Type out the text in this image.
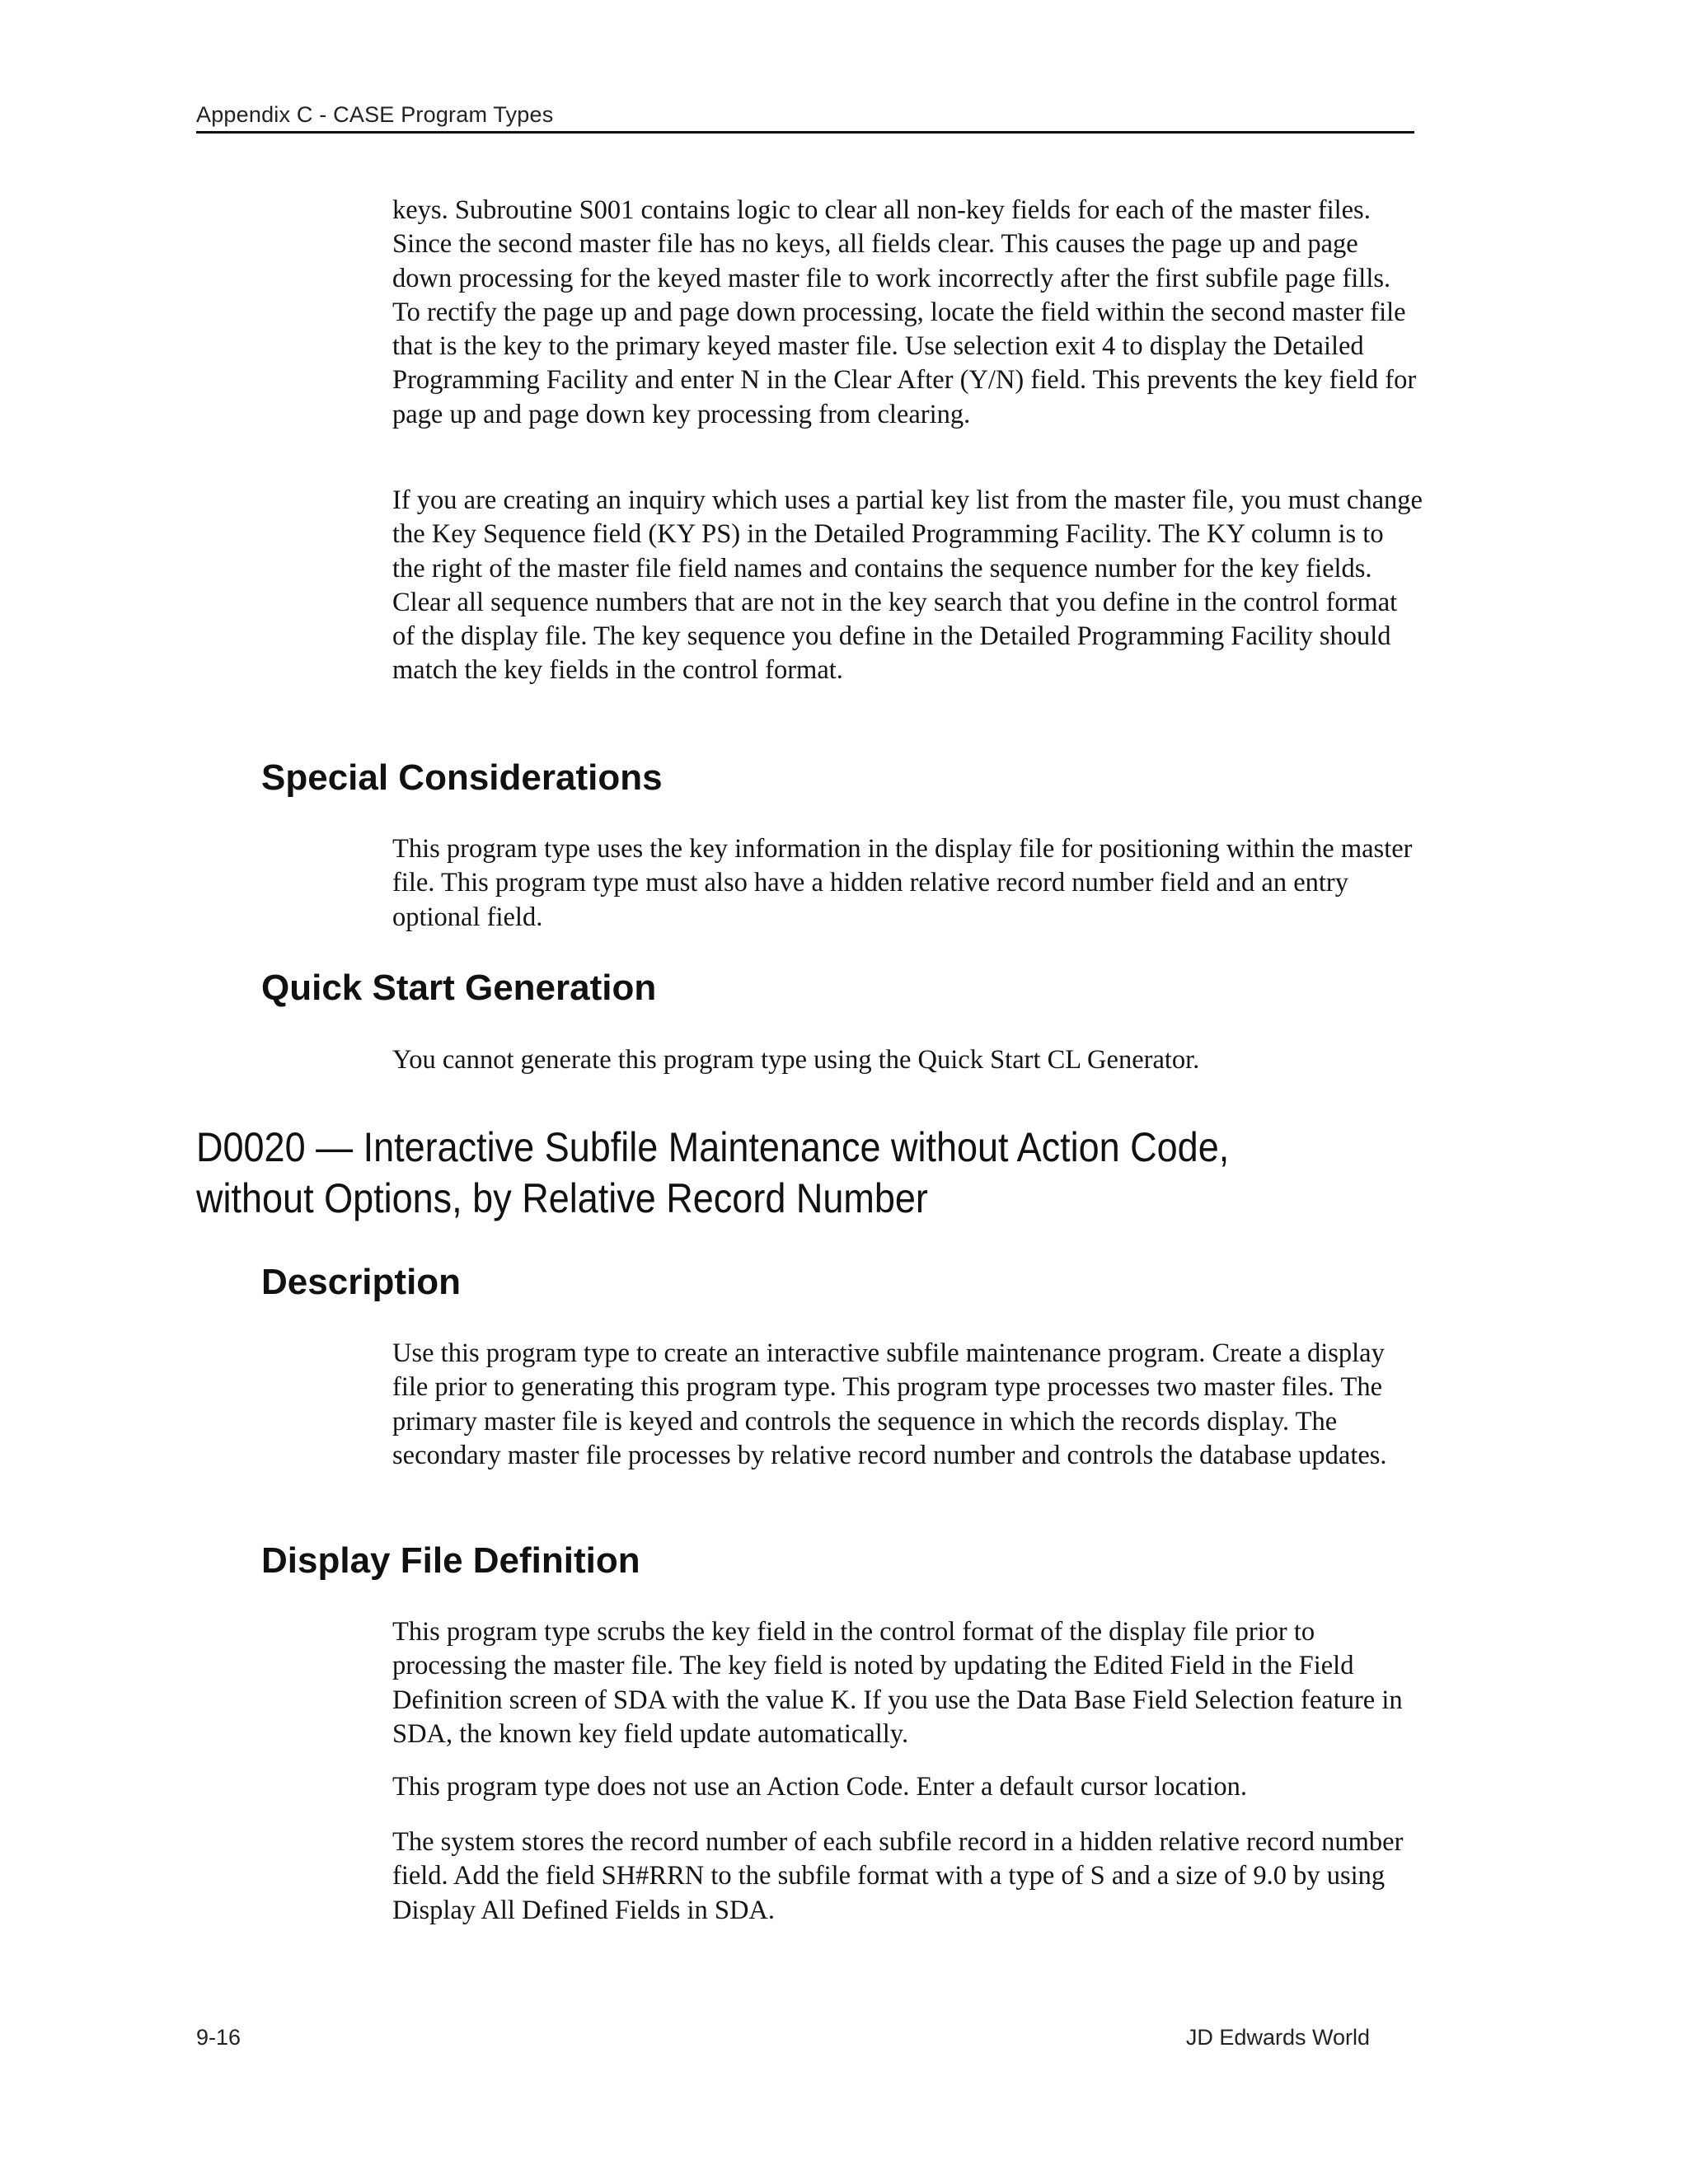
Appendix C - CASE Program Types

keys. Subroutine S001 contains logic to clear all non-key fields for each of the master files. Since the second master file has no keys, all fields clear. This causes the page up and page down processing for the keyed master file to work incorrectly after the first subfile page fills. To rectify the page up and page down processing, locate the field within the second master file that is the key to the primary keyed master file. Use selection exit 4 to display the Detailed Programming Facility and enter N in the Clear After (Y/N) field. This prevents the key field for page up and page down key processing from clearing.

If you are creating an inquiry which uses a partial key list from the master file, you must change the Key Sequence field (KY PS) in the Detailed Programming Facility. The KY column is to the right of the master file field names and contains the sequence number for the key fields. Clear all sequence numbers that are not in the key search that you define in the control format of the display file. The key sequence you define in the Detailed Programming Facility should match the key fields in the control format.

Special Considerations

This program type uses the key information in the display file for positioning within the master file. This program type must also have a hidden relative record number field and an entry optional field.

Quick Start Generation

You cannot generate this program type using the Quick Start CL Generator.

D0020 — Interactive Subfile Maintenance without Action Code, without Options, by Relative Record Number
Description

Use this program type to create an interactive subfile maintenance program. Create a display file prior to generating this program type. This program type processes two master files. The primary master file is keyed and controls the sequence in which the records display. The secondary master file processes by relative record number and controls the database updates.

Display File Definition

This program type scrubs the key field in the control format of the display file prior to processing the master file. The key field is noted by updating the Edited Field in the Field Definition screen of SDA with the value K. If you use the Data Base Field Selection feature in SDA, the known key field update automatically.

This program type does not use an Action Code. Enter a default cursor location.

The system stores the record number of each subfile record in a hidden relative record number field. Add the field SH#RRN to the subfile format with a type of S and a size of 9.0 by using Display All Defined Fields in SDA.

9-16	JD Edwards World
